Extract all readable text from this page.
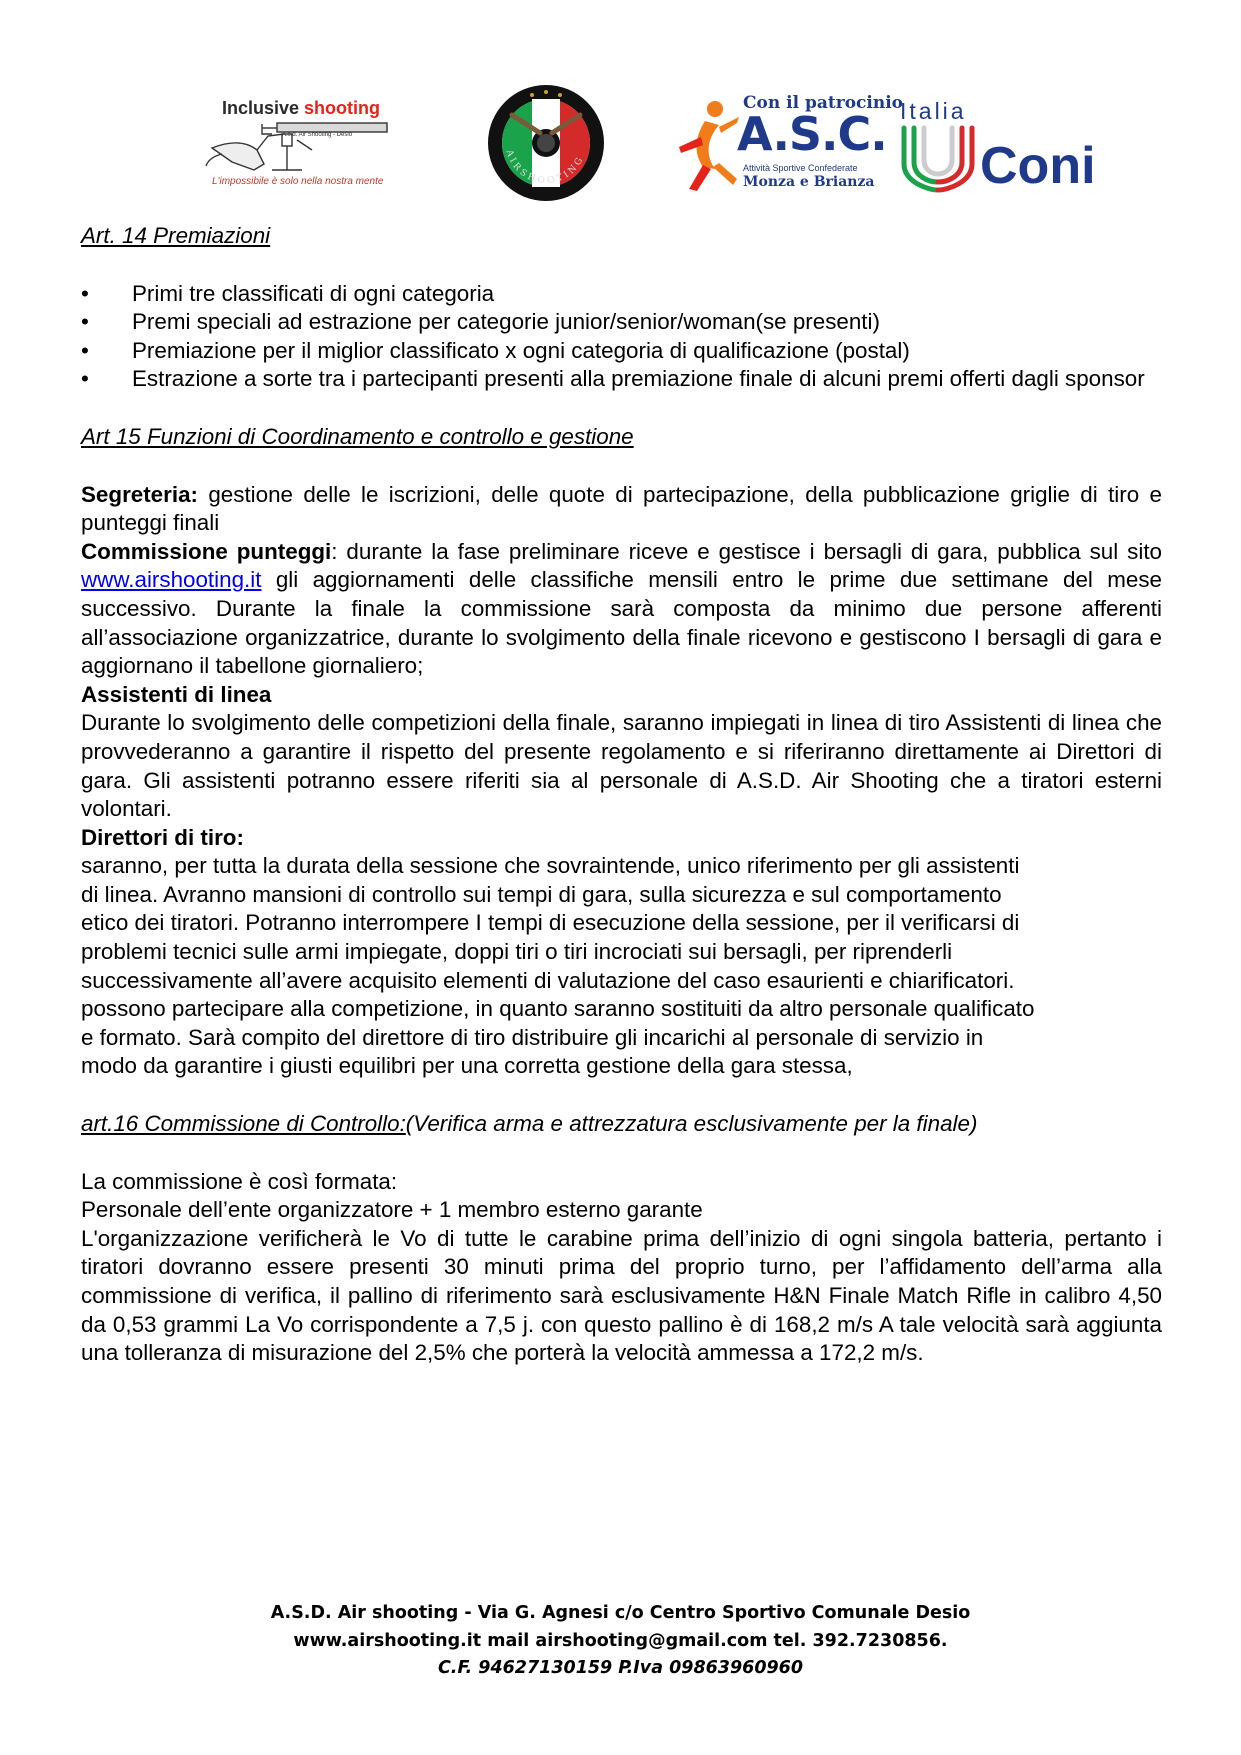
Inclusive shooting
A.s.d. Air Shooting - Desio
L'impossibile è solo nella nostra mente
AIRSHOOTING
Con il patrocinio
A.S.C.
Attività Sportive Confederate
Monza e Brianza
Italia
Coni

Art. 14 Premiazioni

• Primi tre classificati di ogni categoria
• Premi speciali ad estrazione per categorie junior/senior/woman(se presenti)
• Premiazione per il miglior classificato x ogni categoria di qualificazione (postal)
• Estrazione a sorte tra i partecipanti presenti alla premiazione finale di alcuni premi offerti dagli sponsor

Art 15 Funzioni di Coordinamento e controllo e gestione

Segreteria: gestione delle le iscrizioni, delle quote di partecipazione, della pubblicazione griglie di tiro e punteggi finali

Commissione punteggi: durante la fase preliminare riceve e gestisce i bersagli di gara, pubblica sul sito www.airshooting.it gli aggiornamenti delle classifiche mensili entro le prime due settimane del mese successivo. Durante la finale la commissione sarà composta da minimo due persone afferenti all’associazione organizzatrice, durante lo svolgimento della finale ricevono e gestiscono I bersagli di gara e aggiornano il tabellone giornaliero;

Assistenti di linea

Durante lo svolgimento delle competizioni della finale, saranno impiegati in linea di tiro Assistenti di linea che provvederanno a garantire il rispetto del presente regolamento e si riferiranno direttamente ai Direttori di gara. Gli assistenti potranno essere riferiti sia al personale di A.S.D. Air Shooting che a tiratori esterni volontari.

Direttori di tiro:

saranno, per tutta la durata della sessione che sovraintende, unico riferimento per gli assistenti

di linea. Avranno mansioni di controllo sui tempi di gara, sulla sicurezza e sul comportamento

etico dei tiratori. Potranno interrompere I tempi di esecuzione della sessione, per il verificarsi di

problemi tecnici sulle armi impiegate, doppi tiri o tiri incrociati sui bersagli, per riprenderli

successivamente all’avere acquisito elementi di valutazione del caso esaurienti e chiarificatori.

possono partecipare alla competizione, in quanto saranno sostituiti da altro personale qualificato

e formato. Sarà compito del direttore di tiro distribuire gli incarichi al personale di servizio in

modo da garantire i giusti equilibri per una corretta gestione della gara stessa,

art.16 Commissione di Controllo:(Verifica arma e attrezzatura esclusivamente per la finale)

La commissione è così formata:

Personale dell’ente organizzatore + 1 membro esterno garante

L'organizzazione verificherà le Vo di tutte le carabine prima dell’inizio di ogni singola batteria, pertanto i tiratori dovranno essere presenti 30 minuti prima del proprio turno, per l’affidamento dell’arma alla commissione di verifica, il pallino di riferimento sarà esclusivamente H&N Finale Match Rifle in calibro 4,50 da 0,53 grammi La Vo corrispondente a 7,5 j. con questo pallino è di 168,2 m/s A tale velocità sarà aggiunta una tolleranza di misurazione del 2,5% che porterà la velocità ammessa a 172,2 m/s.

A.S.D. Air shooting - Via G. Agnesi c/o Centro Sportivo Comunale Desio
www.airshooting.it mail airshooting@gmail.com tel. 392.7230856.
C.F. 94627130159 P.Iva 09863960960
